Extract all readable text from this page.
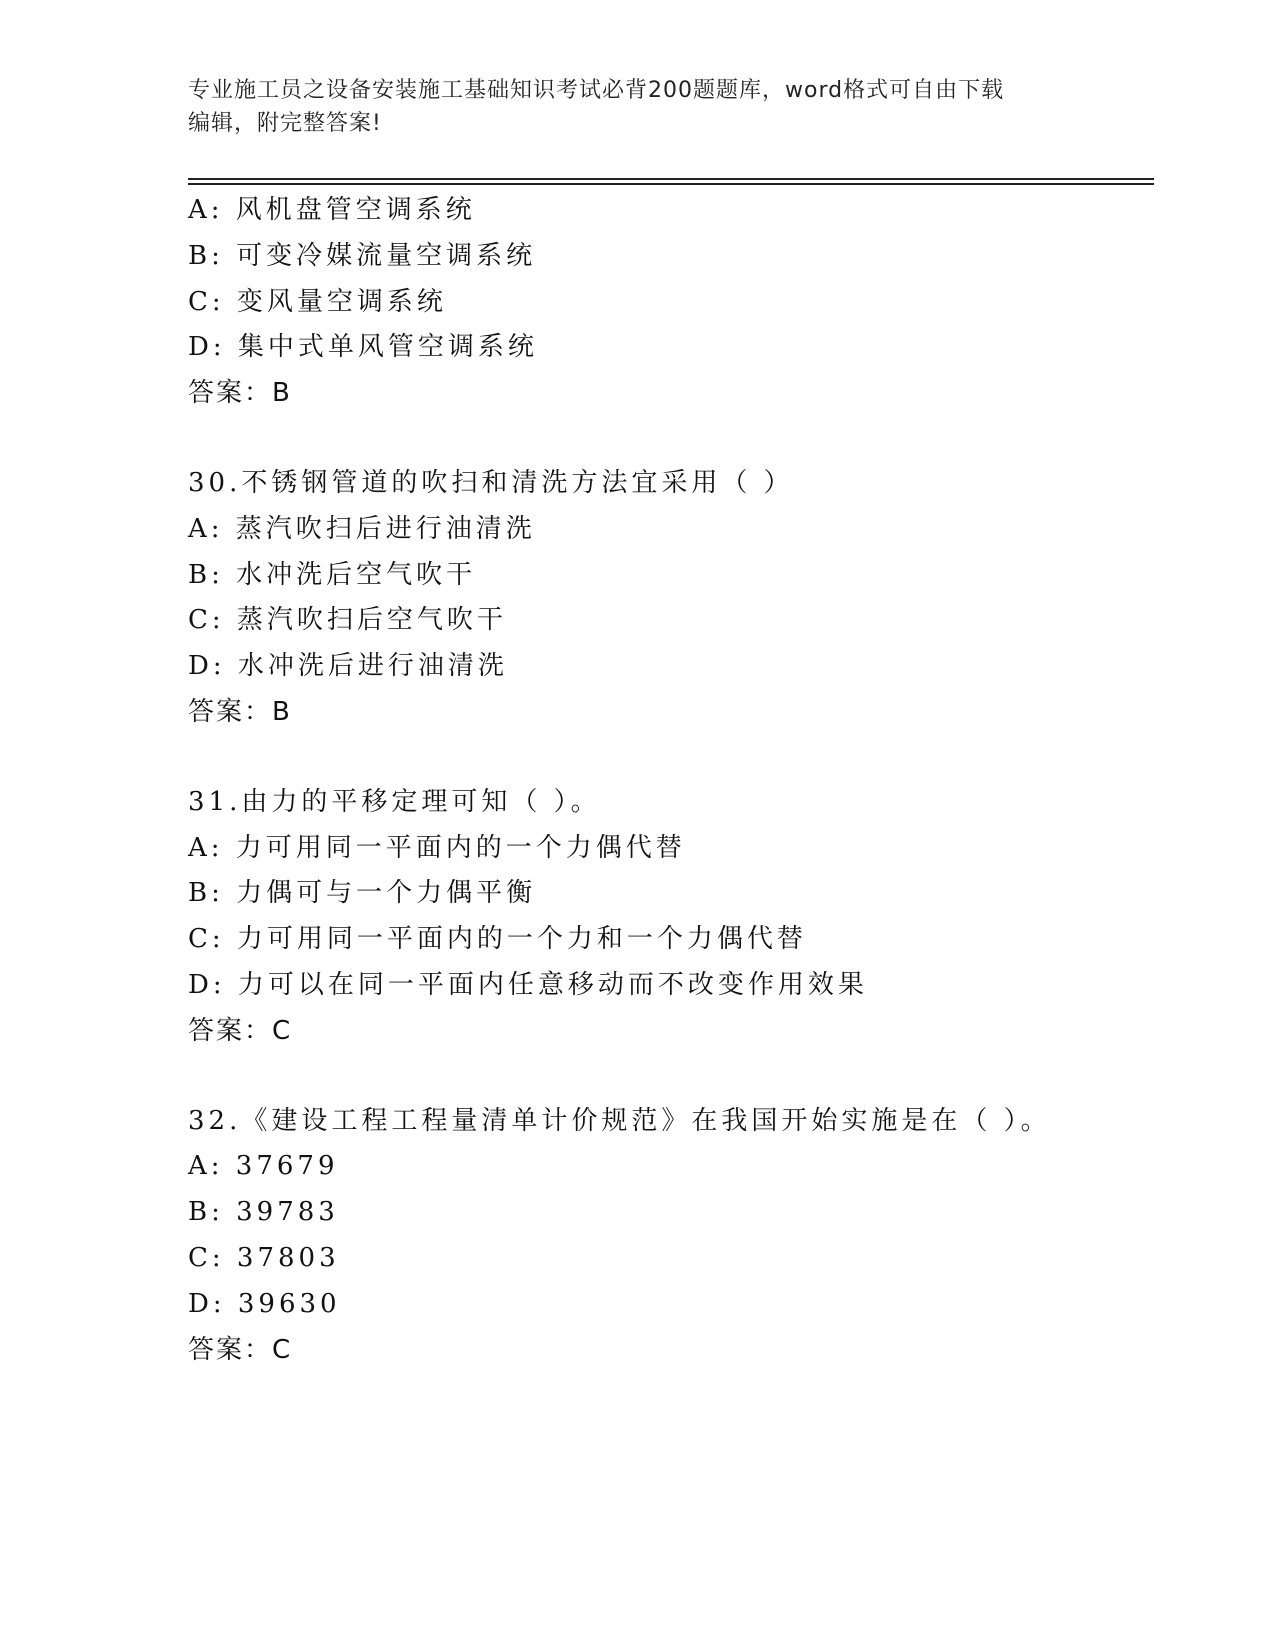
专业施工员之设备安装施工基础知识考试必背200题题库，word格式可自由下载
编辑，附完整答案!
A: 风机盘管空调系统
B: 可变冷媒流量空调系统
C: 变风量空调系统
D: 集中式单风管空调系统
答案：B
30.不锈钢管道的吹扫和清洗方法宜采用（ ）
A: 蒸汽吹扫后进行油清洗
B: 水冲洗后空气吹干
C: 蒸汽吹扫后空气吹干
D: 水冲洗后进行油清洗
答案：B
31.由力的平移定理可知（ ）。
A: 力可用同一平面内的一个力偶代替
B: 力偶可与一个力偶平衡
C: 力可用同一平面内的一个力和一个力偶代替
D: 力可以在同一平面内任意移动而不改变作用效果
答案：C
32.《建设工程工程量清单计价规范》在我国开始实施是在（ ）。
A: 37679
B: 39783
C: 37803
D: 39630
答案：C
